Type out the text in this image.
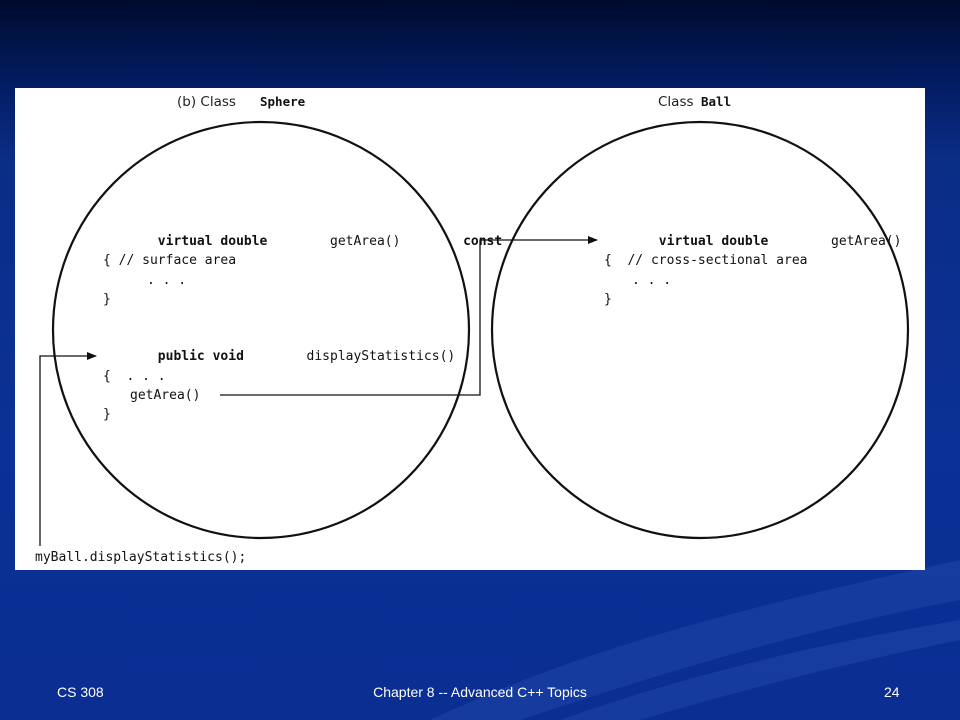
(b) Class Sphere	Class Ball
virtual double	getArea()	const
{ // surface area
. . .
}
public void	displayStatistics()
{  . . .
getArea()
}
virtual double	getArea()
{  // cross-sectional area
. . .
}
myBall.displayStatistics();
CS 308	Chapter 8 -- Advanced C++ Topics	24
